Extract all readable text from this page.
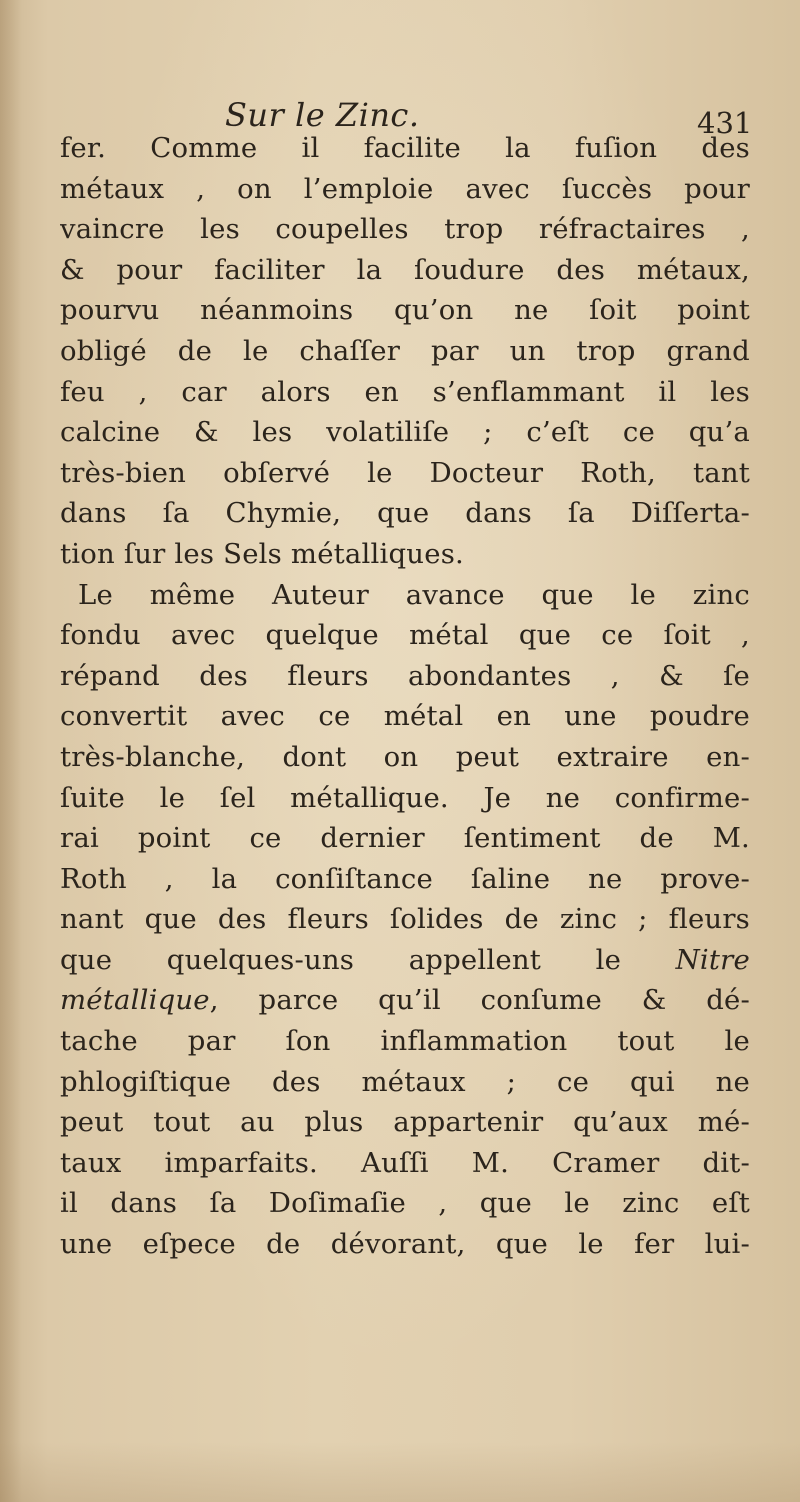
Sur le Zinc.	431
fer. Comme il facilite la fuſion des
métaux , on l’emploie avec ſuccès pour
vaincre les coupelles trop réfractaires ,
& pour faciliter la ſoudure des métaux,
pourvu néanmoins qu’on ne ſoit point
obligé de le chaſſer par un trop grand
feu , car alors en s’enflammant il les
calcine & les volatiliſe ; c’eſt ce qu’a
très-bien obſervé le Docteur Roth, tant
dans ſa Chymie, que dans ſa Diſſerta-
tion ſur les Sels métalliques.
Le même Auteur avance que le zinc
fondu avec quelque métal que ce ſoit ,
répand des fleurs abondantes , & ſe
convertit avec ce métal en une poudre
très-blanche, dont on peut extraire en-
ſuite le ſel métallique. Je ne confirme-
rai point ce dernier ſentiment de M.
Roth , la conſiſtance ſaline ne prove-
nant que des fleurs ſolides de zinc ; fleurs
que quelques-uns appellent le Nitre
métallique, parce qu’il conſume & dé-
tache par ſon inflammation tout le
phlogiſtique des métaux ; ce qui ne
peut tout au plus appartenir qu’aux mé-
taux imparfaits. Auſſi M. Cramer dit-
il dans ſa Doſimaſie , que le zinc eſt
une eſpece de dévorant, que le fer lui-
